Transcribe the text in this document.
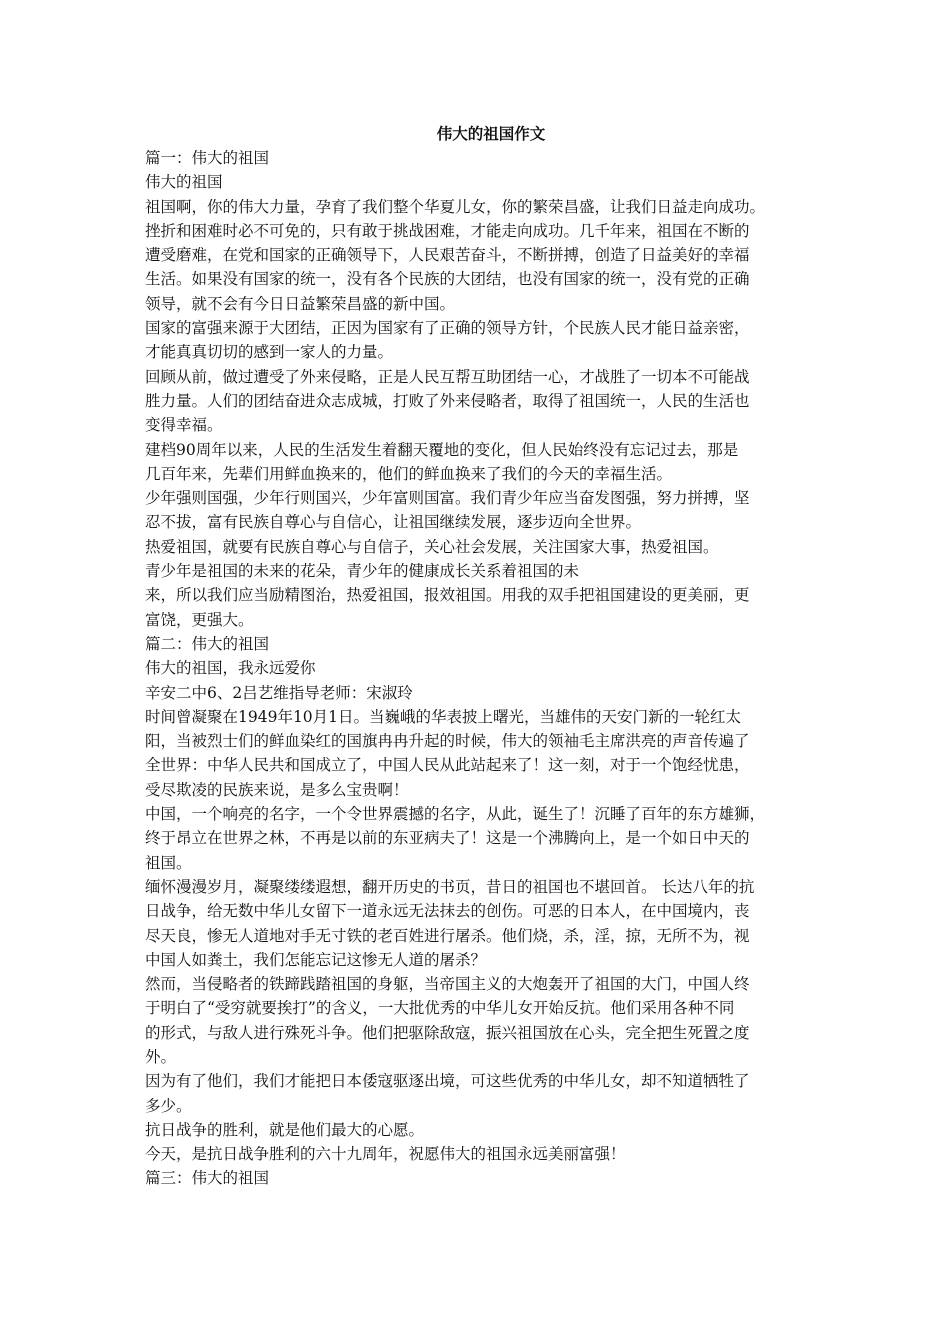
伟大的祖国作文

篇一：伟大的祖国

伟大的祖国

祖国啊，你的伟大力量，孕育了我们整个华夏儿女，你的繁荣昌盛，让我们日益走向成功。

挫折和困难时必不可免的，只有敢于挑战困难，才能走向成功。几千年来，祖国在不断的

遭受磨难，在党和国家的正确领导下，人民艰苦奋斗，不断拼搏，创造了日益美好的幸福

生活。如果没有国家的统一，没有各个民族的大团结，也没有国家的统一，没有党的正确

领导，就不会有今日日益繁荣昌盛的新中国。

国家的富强来源于大团结，正因为国家有了正确的领导方针，个民族人民才能日益亲密，

才能真真切切的感到一家人的力量。

回顾从前，做过遭受了外来侵略，正是人民互帮互助团结一心，才战胜了一切本不可能战

胜力量。人们的团结奋进众志成城，打败了外来侵略者，取得了祖国统一，人民的生活也

变得幸福。

建档90周年以来，人民的生活发生着翻天覆地的变化，但人民始终没有忘记过去，那是

几百年来，先辈们用鲜血换来的，他们的鲜血换来了我们的今天的幸福生活。

少年强则国强，少年行则国兴，少年富则国富。我们青少年应当奋发图强，努力拼搏，坚

忍不拔，富有民族自尊心与自信心，让祖国继续发展，逐步迈向全世界。

热爱祖国，就要有民族自尊心与自信子，关心社会发展，关注国家大事，热爱祖国。

青少年是祖国的未来的花朵，青少年的健康成长关系着祖国的未

来，所以我们应当励精图治，热爱祖国，报效祖国。用我的双手把祖国建设的更美丽，更

富饶，更强大。

篇二：伟大的祖国

伟大的祖国，我永远爱你

辛安二中6、2吕艺维指导老师：宋淑玲

时间曾凝聚在1949年10月1日。当巍峨的华表披上曙光，当雄伟的天安门新的一轮红太

阳，当被烈士们的鲜血染红的国旗冉冉升起的时候，伟大的领袖毛主席洪亮的声音传遍了

全世界：中华人民共和国成立了，中国人民从此站起来了！这一刻，对于一个饱经忧患，

受尽欺凌的民族来说，是多么宝贵啊！

中国，一个响亮的名字，一个令世界震撼的名字，从此，诞生了！沉睡了百年的东方雄狮，

终于昂立在世界之林，不再是以前的东亚病夫了！这是一个沸腾向上，是一个如日中天的

祖国。

缅怀漫漫岁月，凝聚缕缕遐想，翻开历史的书页，昔日的祖国也不堪回首。 长达八年的抗

日战争，给无数中华儿女留下一道永远无法抹去的创伤。可恶的日本人，在中国境内，丧

尽天良，惨无人道地对手无寸铁的老百姓进行屠杀。他们烧，杀，淫，掠，无所不为，视

中国人如粪土，我们怎能忘记这惨无人道的屠杀？

然而，当侵略者的铁蹄践踏祖国的身躯，当帝国主义的大炮轰开了祖国的大门，中国人终

于明白了“受穷就要挨打”的含义，一大批优秀的中华儿女开始反抗。他们采用各种不同

的形式，与敌人进行殊死斗争。他们把驱除敌寇，振兴祖国放在心头，完全把生死置之度

外。

因为有了他们，我们才能把日本倭寇驱逐出境，可这些优秀的中华儿女，却不知道牺牲了

多少。

抗日战争的胜利，就是他们最大的心愿。

今天，是抗日战争胜利的六十九周年，祝愿伟大的祖国永远美丽富强！

篇三：伟大的祖国
